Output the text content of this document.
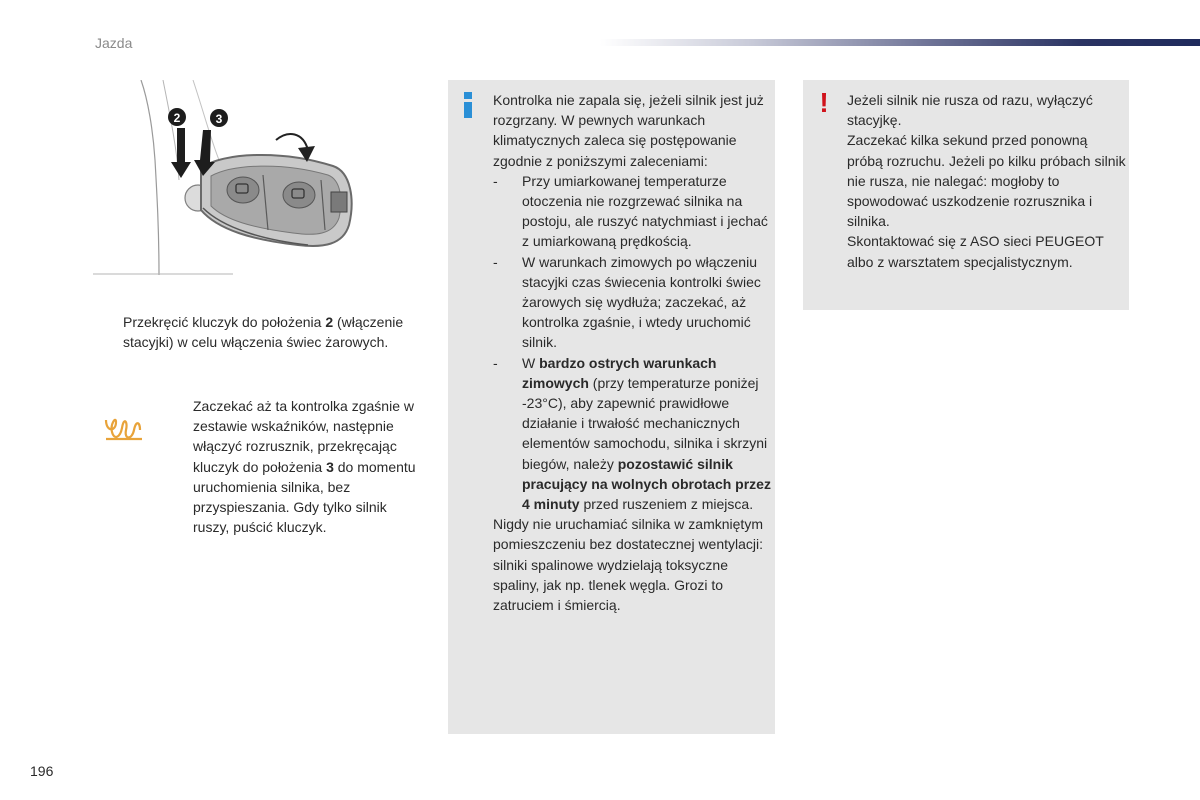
Jazda
2	3
Przekręcić kluczyk do położenia 2 (włączenie stacyjki) w celu włączenia świec żarowych.
Zaczekać aż ta kontrolka zgaśnie w zestawie wskaźników, następnie włączyć rozrusznik, przekręcając kluczyk do położenia 3 do momentu uruchomienia silnika, bez przyspieszania. Gdy tylko silnik ruszy, puścić kluczyk.
Kontrolka nie zapala się, jeżeli silnik jest już rozgrzany. W pewnych warunkach klimatycznych zaleca się postępowanie zgodnie z poniższymi zaleceniami:
- Przy umiarkowanej temperaturze otoczenia nie rozgrzewać silnika na postoju, ale ruszyć natychmiast i jechać z umiarkowaną prędkością.
- W warunkach zimowych po włączeniu stacyjki czas świecenia kontrolki świec żarowych się wydłuża; zaczekać, aż kontrolka zgaśnie, i wtedy uruchomić silnik.
- W bardzo ostrych warunkach zimowych (przy temperaturze poniżej -23°C), aby zapewnić prawidłowe działanie i trwałość mechanicznych elementów samochodu, silnika i skrzyni biegów, należy pozostawić silnik pracujący na wolnych obrotach przez 4 minuty przed ruszeniem z miejsca.
Nigdy nie uruchamiać silnika w zamkniętym pomieszczeniu bez dostatecznej wentylacji: silniki spalinowe wydzielają toksyczne spaliny, jak np. tlenek węgla. Grozi to zatruciem i śmiercią.
! Jeżeli silnik nie rusza od razu, wyłączyć stacyjkę.
Zaczekać kilka sekund przed ponowną próbą rozruchu. Jeżeli po kilku próbach silnik nie rusza, nie nalegać: mogłoby to spowodować uszkodzenie rozrusznika i silnika.
Skontaktować się z ASO sieci PEUGEOT albo z warsztatem specjalistycznym.
196
